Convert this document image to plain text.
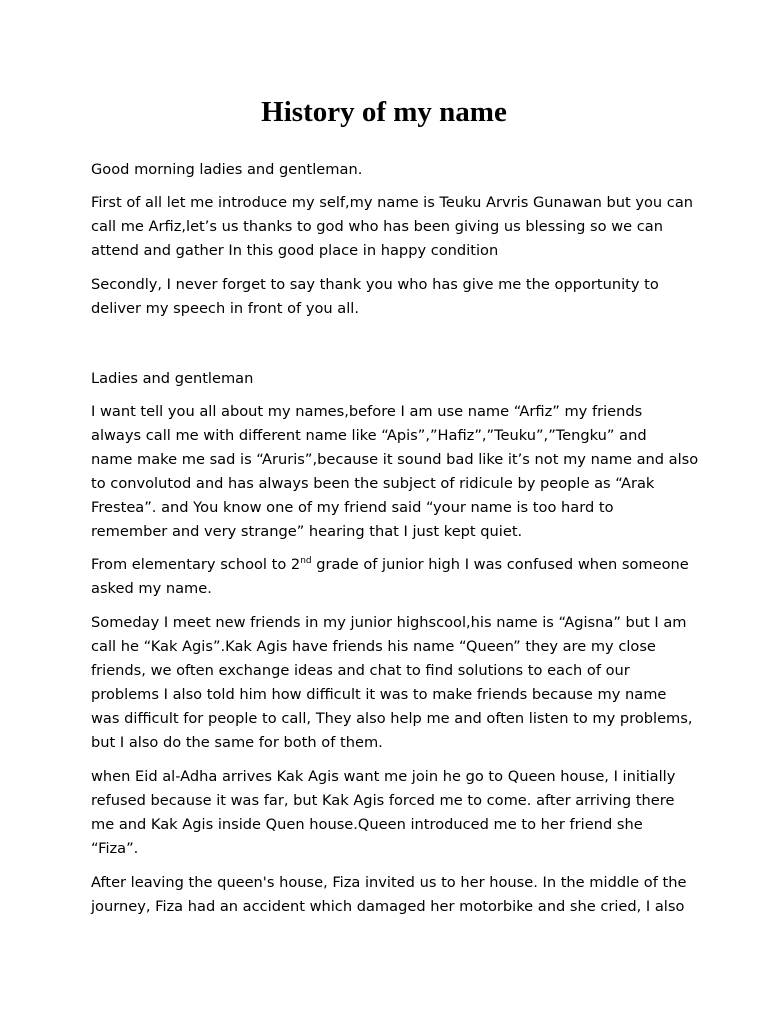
History of my name
Good morning ladies and gentleman.
First of all let me introduce my self,my name is Teuku Arvris Gunawan but you can
call me Arfiz,let’s us thanks to god who has been giving us blessing so we can
attend and gather In this good place in happy condition
Secondly, I never forget to say thank you who has give me the opportunity to
deliver my speech in front of you all.
Ladies and gentleman
I want tell you all about my names,before I am use name “Arfiz” my friends
always call me with different name like “Apis”,”Hafiz”,”Teuku”,”Tengku” and
name make me sad is “Aruris”,because it sound bad like it’s not my name and also
to convolutod and has always been the subject of ridicule by people as “Arak
Frestea”. and You know one of my friend said “your name is too hard to
remember and very strange” hearing that I just kept quiet.
From elementary school to 2nd grade of junior high I was confused when someone
asked my name.
Someday I meet new friends in my junior highscool,his name is “Agisna” but I am
call he “Kak Agis”.Kak Agis have friends his name “Queen” they are my close
friends, we often exchange ideas and chat to find solutions to each of our
problems I also told him how difficult it was to make friends because my name
was difficult for people to call, They also help me and often listen to my problems,
but I also do the same for both of them.
when Eid al-Adha arrives Kak Agis want me join he go to Queen house, I initially
refused because it was far, but Kak Agis forced me to come. after arriving there
me and Kak Agis inside Quen house.Queen introduced me to her friend she
“Fiza”.
After leaving the queen's house, Fiza invited us to her house. In the middle of the
journey, Fiza had an accident which damaged her motorbike and she cried, I also
